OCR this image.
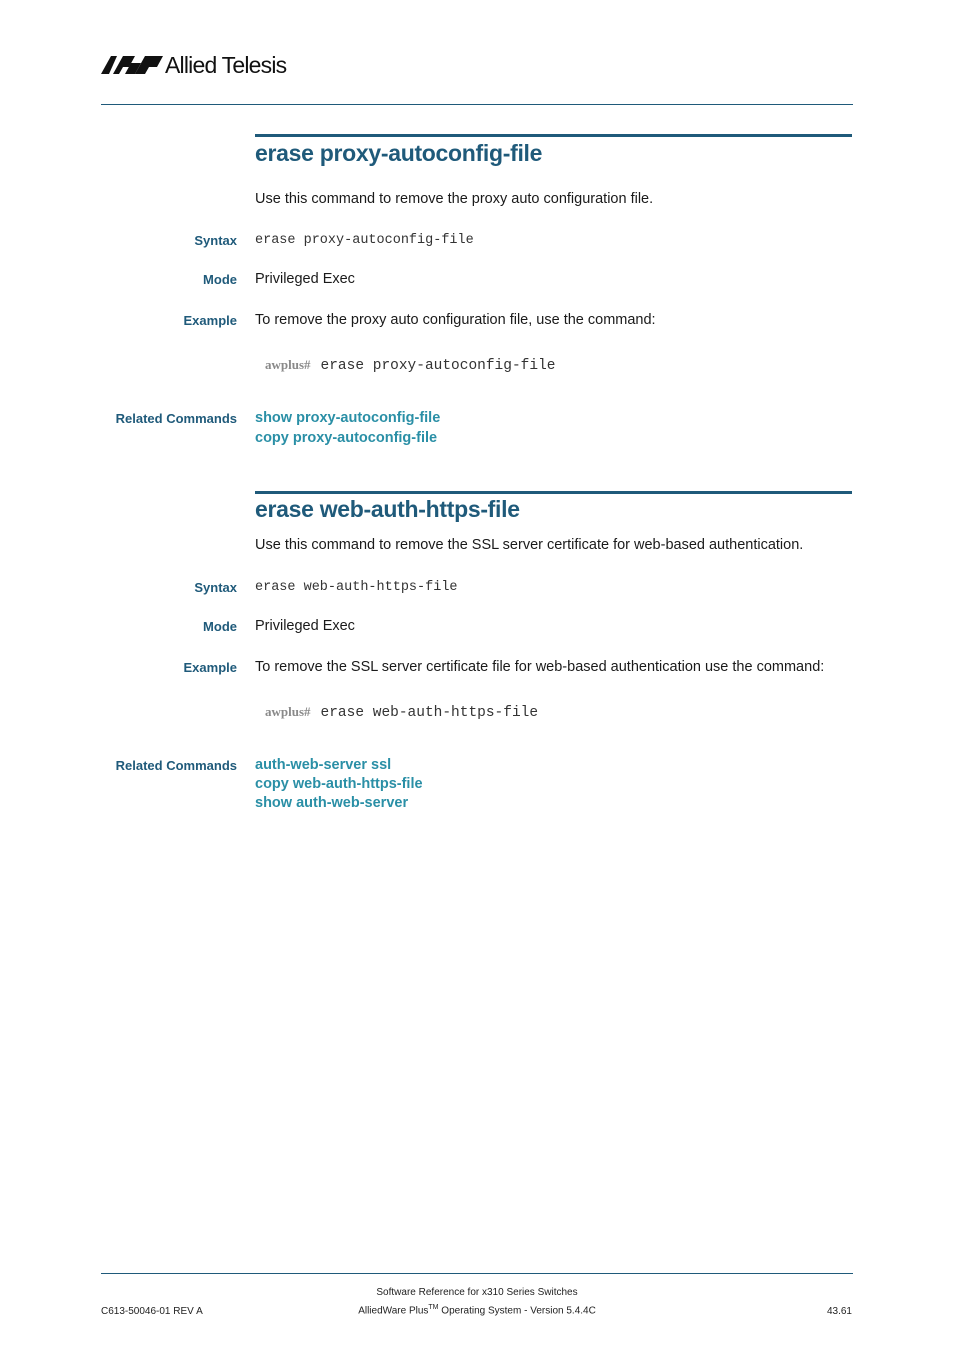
Allied Telesis
erase proxy-autoconfig-file
Use this command to remove the proxy auto configuration file.
Syntax erase proxy-autoconfig-file
Mode Privileged Exec
Example To remove the proxy auto configuration file, use the command:
awplus# erase proxy-autoconfig-file
Related Commands show proxy-autoconfig-file
copy proxy-autoconfig-file
erase web-auth-https-file
Use this command to remove the SSL server certificate for web-based authentication.
Syntax erase web-auth-https-file
Mode Privileged Exec
Example To remove the SSL server certificate file for web-based authentication use the command:
awplus# erase web-auth-https-file
Related Commands auth-web-server ssl
copy web-auth-https-file
show auth-web-server
C613-50046-01 REV A
Software Reference for x310 Series Switches
AlliedWare Plus™ Operating System - Version 5.4.4C	43.61
